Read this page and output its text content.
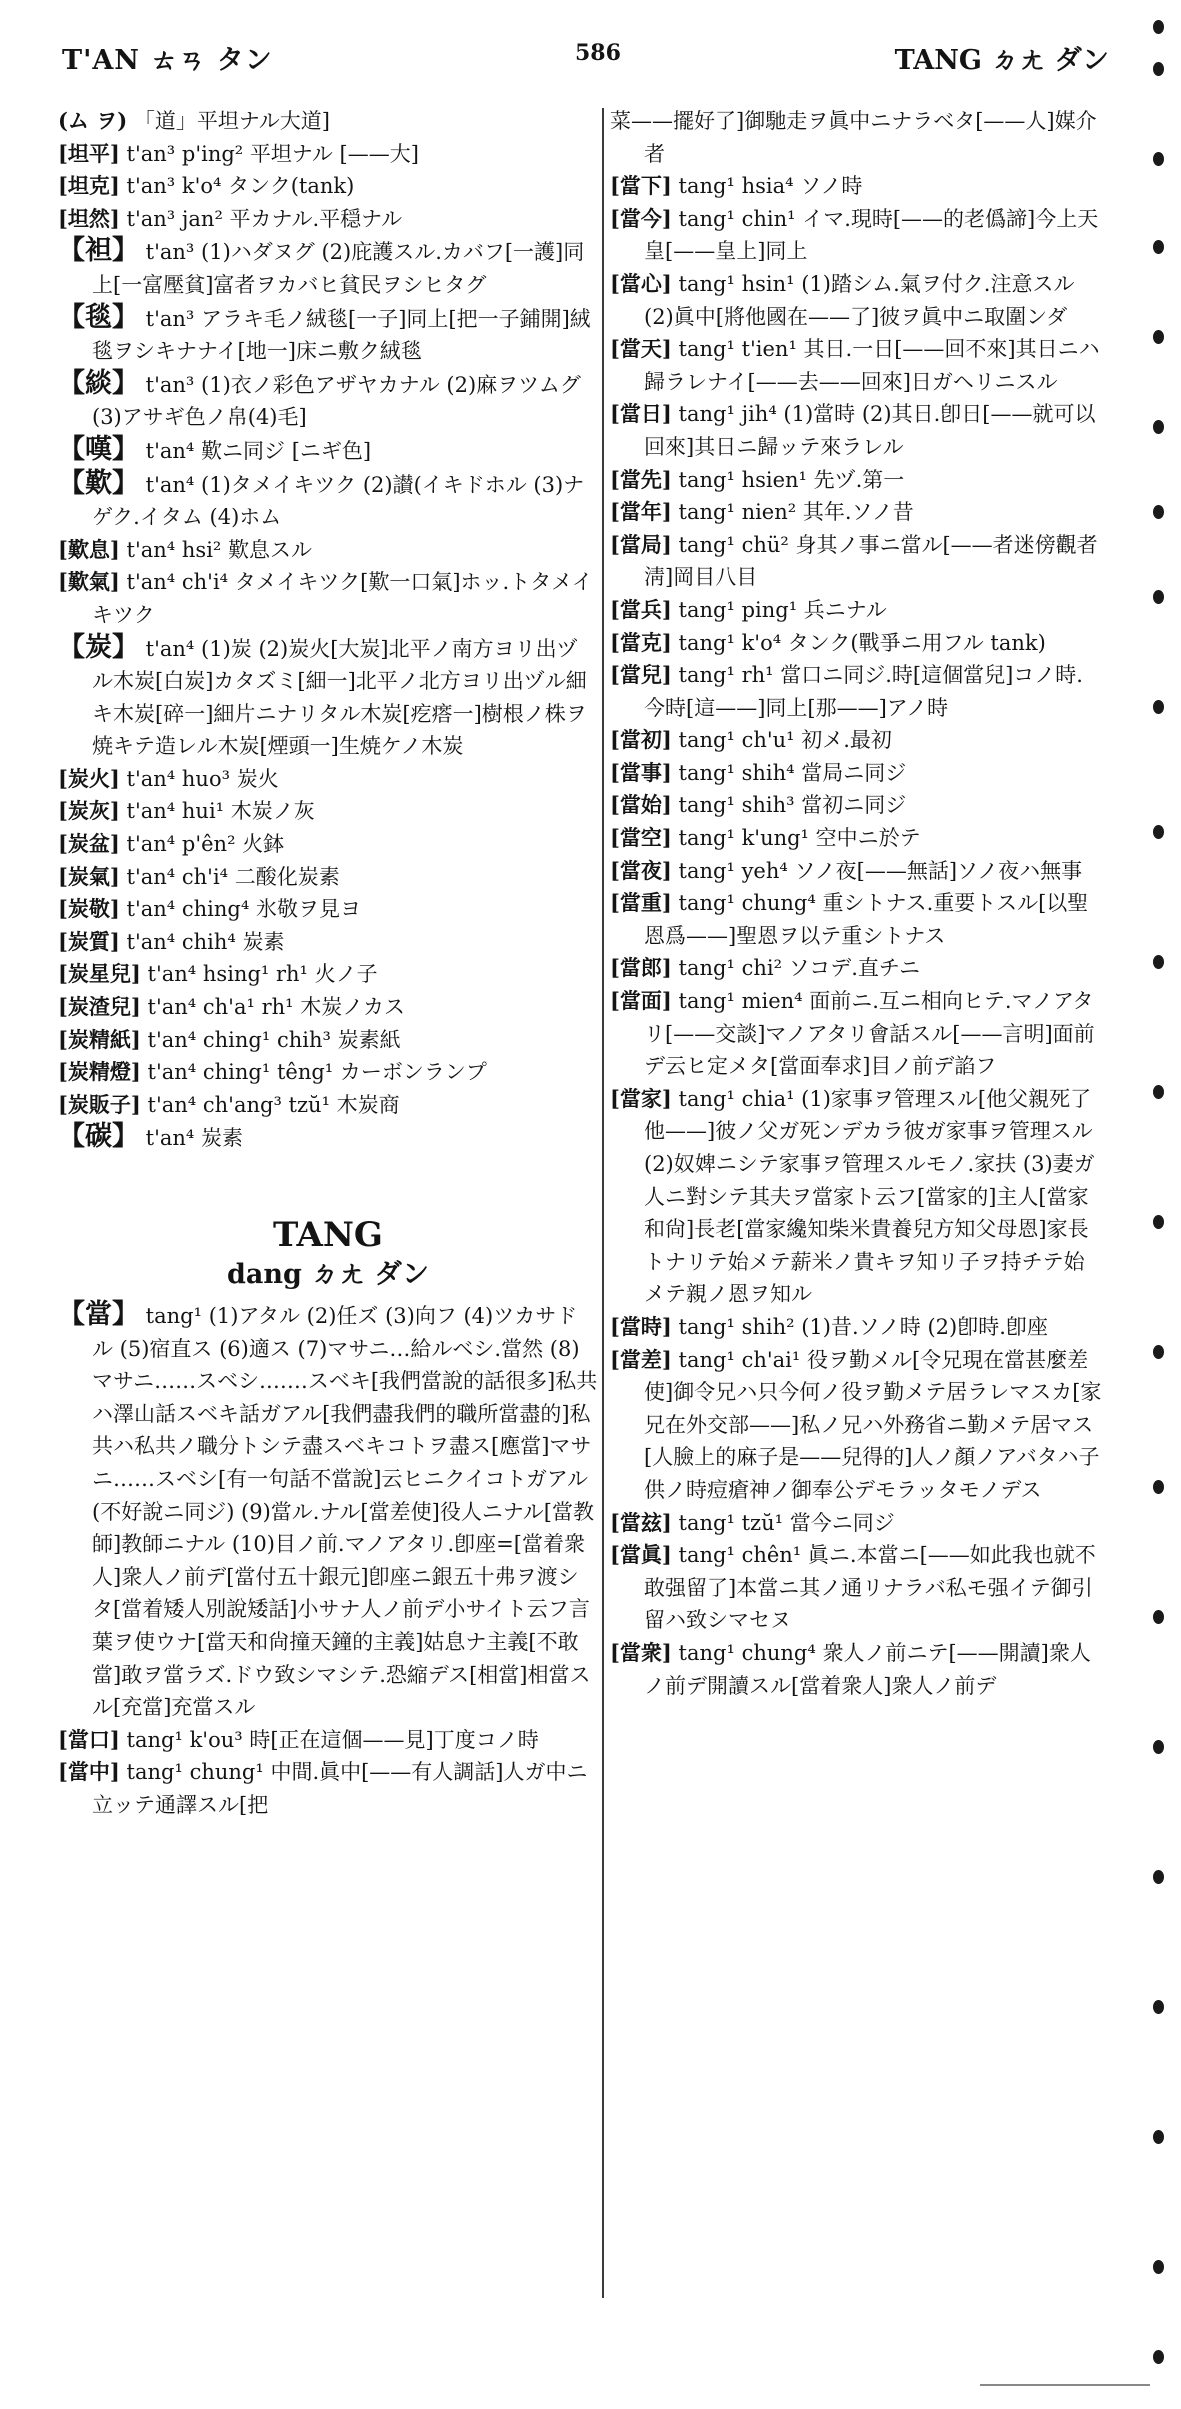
T'AN ㄊㄢ タン	586	TANG ㄉㄤ ダン

(ム ヲ) 「道」平坦ナル大道]

[坦平] t'an³ p'ing² 平坦ナル [——大]

[坦克] t'an³ k'o⁴ タンク(tank)

[坦然] t'an³ jan² 平カナル.平穏ナル

【袒】 t'an³ (1)ハダヌグ (2)庇護スル.カバフ[一護]同上[一富壓貧]富者ヲカバヒ貧民ヲシヒタグ

【毯】 t'an³ アラキ毛ノ絨毯[一子]同上[把一子鋪開]絨毯ヲシキナナイ[地一]床ニ敷ク絨毯

【緂】 t'an³ (1)衣ノ彩色アザヤカナル (2)麻ヲツムグ(3)アサギ色ノ帛(4)毛]

【嘆】 t'an⁴ 歎ニ同ジ [ニギ色]

【歎】 t'an⁴ (1)タメイキツク (2)讃(イキドホル (3)ナゲク.イタム (4)ホム

[歎息] t'an⁴ hsi² 歎息スル

[歎氣] t'an⁴ ch'i⁴ タメイキツク[歎一口氣]ホッ.トタメイキツク

【炭】 t'an⁴ (1)炭 (2)炭火[大炭]北平ノ南方ヨリ出ヅル木炭[白炭]カタズミ[細一]北平ノ北方ヨリ出ヅル細キ木炭[碎一]細片ニナリタル木炭[疙瘩一]樹根ノ株ヲ焼キテ造レル木炭[煙頭一]生焼ケノ木炭

[炭火] t'an⁴ huo³ 炭火

[炭灰] t'an⁴ hui¹ 木炭ノ灰

[炭盆] t'an⁴ p'ên² 火鉢

[炭氣] t'an⁴ ch'i⁴ 二酸化炭素

[炭敬] t'an⁴ ching⁴ 氷敬ヲ見ヨ

[炭質] t'an⁴ chih⁴ 炭素

[炭星兒] t'an⁴ hsing¹ rh¹ 火ノ子

[炭渣兒] t'an⁴ ch'a¹ rh¹ 木炭ノカス

[炭精紙] t'an⁴ ching¹ chih³ 炭素紙

[炭精燈] t'an⁴ ching¹ têng¹ カーボンランプ

[炭販子] t'an⁴ ch'ang³ tzŭ¹ 木炭商

【碳】 t'an⁴ 炭素

TANG
dang ㄉㄤ ダン

【當】 tang¹ (1)アタル (2)任ズ (3)向フ (4)ツカサドル (5)宿直ス (6)適ス (7)マサニ…給ルベシ.當然 (8)マサニ……スベシ.……スベキ[我們當說的話很多]私共ハ澤山話スベキ話ガアル[我們盡我們的職所當盡的]私共ハ私共ノ職分トシテ盡スベキコトヲ盡ス[應當]マサニ……スベシ[有一句話不當說]云ヒニクイコトガアル(不好說ニ同ジ) (9)當ル.ナル[當差使]役人ニナル[當教師]教師ニナル (10)目ノ前.マノアタリ.卽座=[當着衆人]衆人ノ前デ[當付五十銀元]卽座ニ銀五十弗ヲ渡シタ[當着矮人別說矮話]小サナ人ノ前デ小サイト云フ言葉ヲ使ウナ[當天和尙撞天鐘的主義]姑息ナ主義[不敢當]敢ヲ當ラズ.ドウ致シマシテ.恐縮デス[相當]相當スル[充當]充當スル

[當口] tang¹ k'ou³ 時[正在這個——見]丁度コノ時

[當中] tang¹ chung¹ 中間.眞中[——有人調話]人ガ中ニ立ッテ通譯スル[把

菜——擺好了]御馳走ヲ眞中ニナラベタ[——人]媒介者

[當下] tang¹ hsia⁴ ソノ時

[當今] tang¹ chin¹ イマ.現時[——的老僞諦]今上天皇[——皇上]同上

[當心] tang¹ hsin¹ (1)踏シム.氣ヲ付ク.注意スル (2)眞中[將他國在——了]彼ヲ眞中ニ取圍ンダ

[當天] tang¹ t'ien¹ 其日.一日[——回不來]其日ニハ歸ラレナイ[——去——回來]日ガヘリニスル

[當日] tang¹ jih⁴ (1)當時 (2)其日.卽日[——就可以回來]其日ニ歸ッテ來ラレル

[當先] tang¹ hsien¹ 先ヅ.第一

[當年] tang¹ nien² 其年.ソノ昔

[當局] tang¹ chü² 身其ノ事ニ當ル[——者迷傍觀者淸]岡目八目

[當兵] tang¹ ping¹ 兵ニナル

[當克] tang¹ k'o⁴ タンク(戰爭ニ用フル tank)

[當兒] tang¹ rh¹ 當口ニ同ジ.時[這個當兒]コノ時.今時[這——]同上[那——]アノ時

[當初] tang¹ ch'u¹ 初メ.最初

[當事] tang¹ shih⁴ 當局ニ同ジ

[當始] tang¹ shih³ 當初ニ同ジ

[當空] tang¹ k'ung¹ 空中ニ於テ

[當夜] tang¹ yeh⁴ ソノ夜[——無話]ソノ夜ハ無事

[當重] tang¹ chung⁴ 重シトナス.重要トスル[以聖恩爲——]聖恩ヲ以テ重シトナス

[當郎] tang¹ chi² ソコデ.直チニ

[當面] tang¹ mien⁴ 面前ニ.互ニ相向ヒテ.マノアタリ[——交談]マノアタリ會話スル[——言明]面前デ云ヒ定メタ[當面奉求]目ノ前デ諂フ

[當家] tang¹ chia¹ (1)家事ヲ管理スル[他父親死了他——]彼ノ父ガ死ンデカラ彼ガ家事ヲ管理スル (2)奴婢ニシテ家事ヲ管理スルモノ.家扶 (3)妻ガ人ニ對シテ其夫ヲ當家ト云フ[當家的]主人[當家和尙]長老[當家纔知柴米貴養兒方知父母恩]家長トナリテ始メテ薪米ノ貴キヲ知リ子ヲ持チテ始メテ親ノ恩ヲ知ル

[當時] tang¹ shih² (1)昔.ソノ時 (2)卽時.卽座

[當差] tang¹ ch'ai¹ 役ヲ勤メル[令兄現在當甚麼差使]御令兄ハ只今何ノ役ヲ勤メテ居ラレマスカ[家兄在外交部——]私ノ兄ハ外務省ニ勤メテ居マス[人臉上的麻子是——兒得的]人ノ顏ノアバタハ子供ノ時痘瘡神ノ御奉公デモラッタモノデス

[當玆] tang¹ tzŭ¹ 當今ニ同ジ

[當眞] tang¹ chên¹ 眞ニ.本當ニ[——如此我也就不敢强留了]本當ニ其ノ通リナラバ私モ强イテ御引留ハ致シマセヌ

[當衆] tang¹ chung⁴ 衆人ノ前ニテ[——開讀]衆人ノ前デ開讀スル[當着衆人]衆人ノ前デ
